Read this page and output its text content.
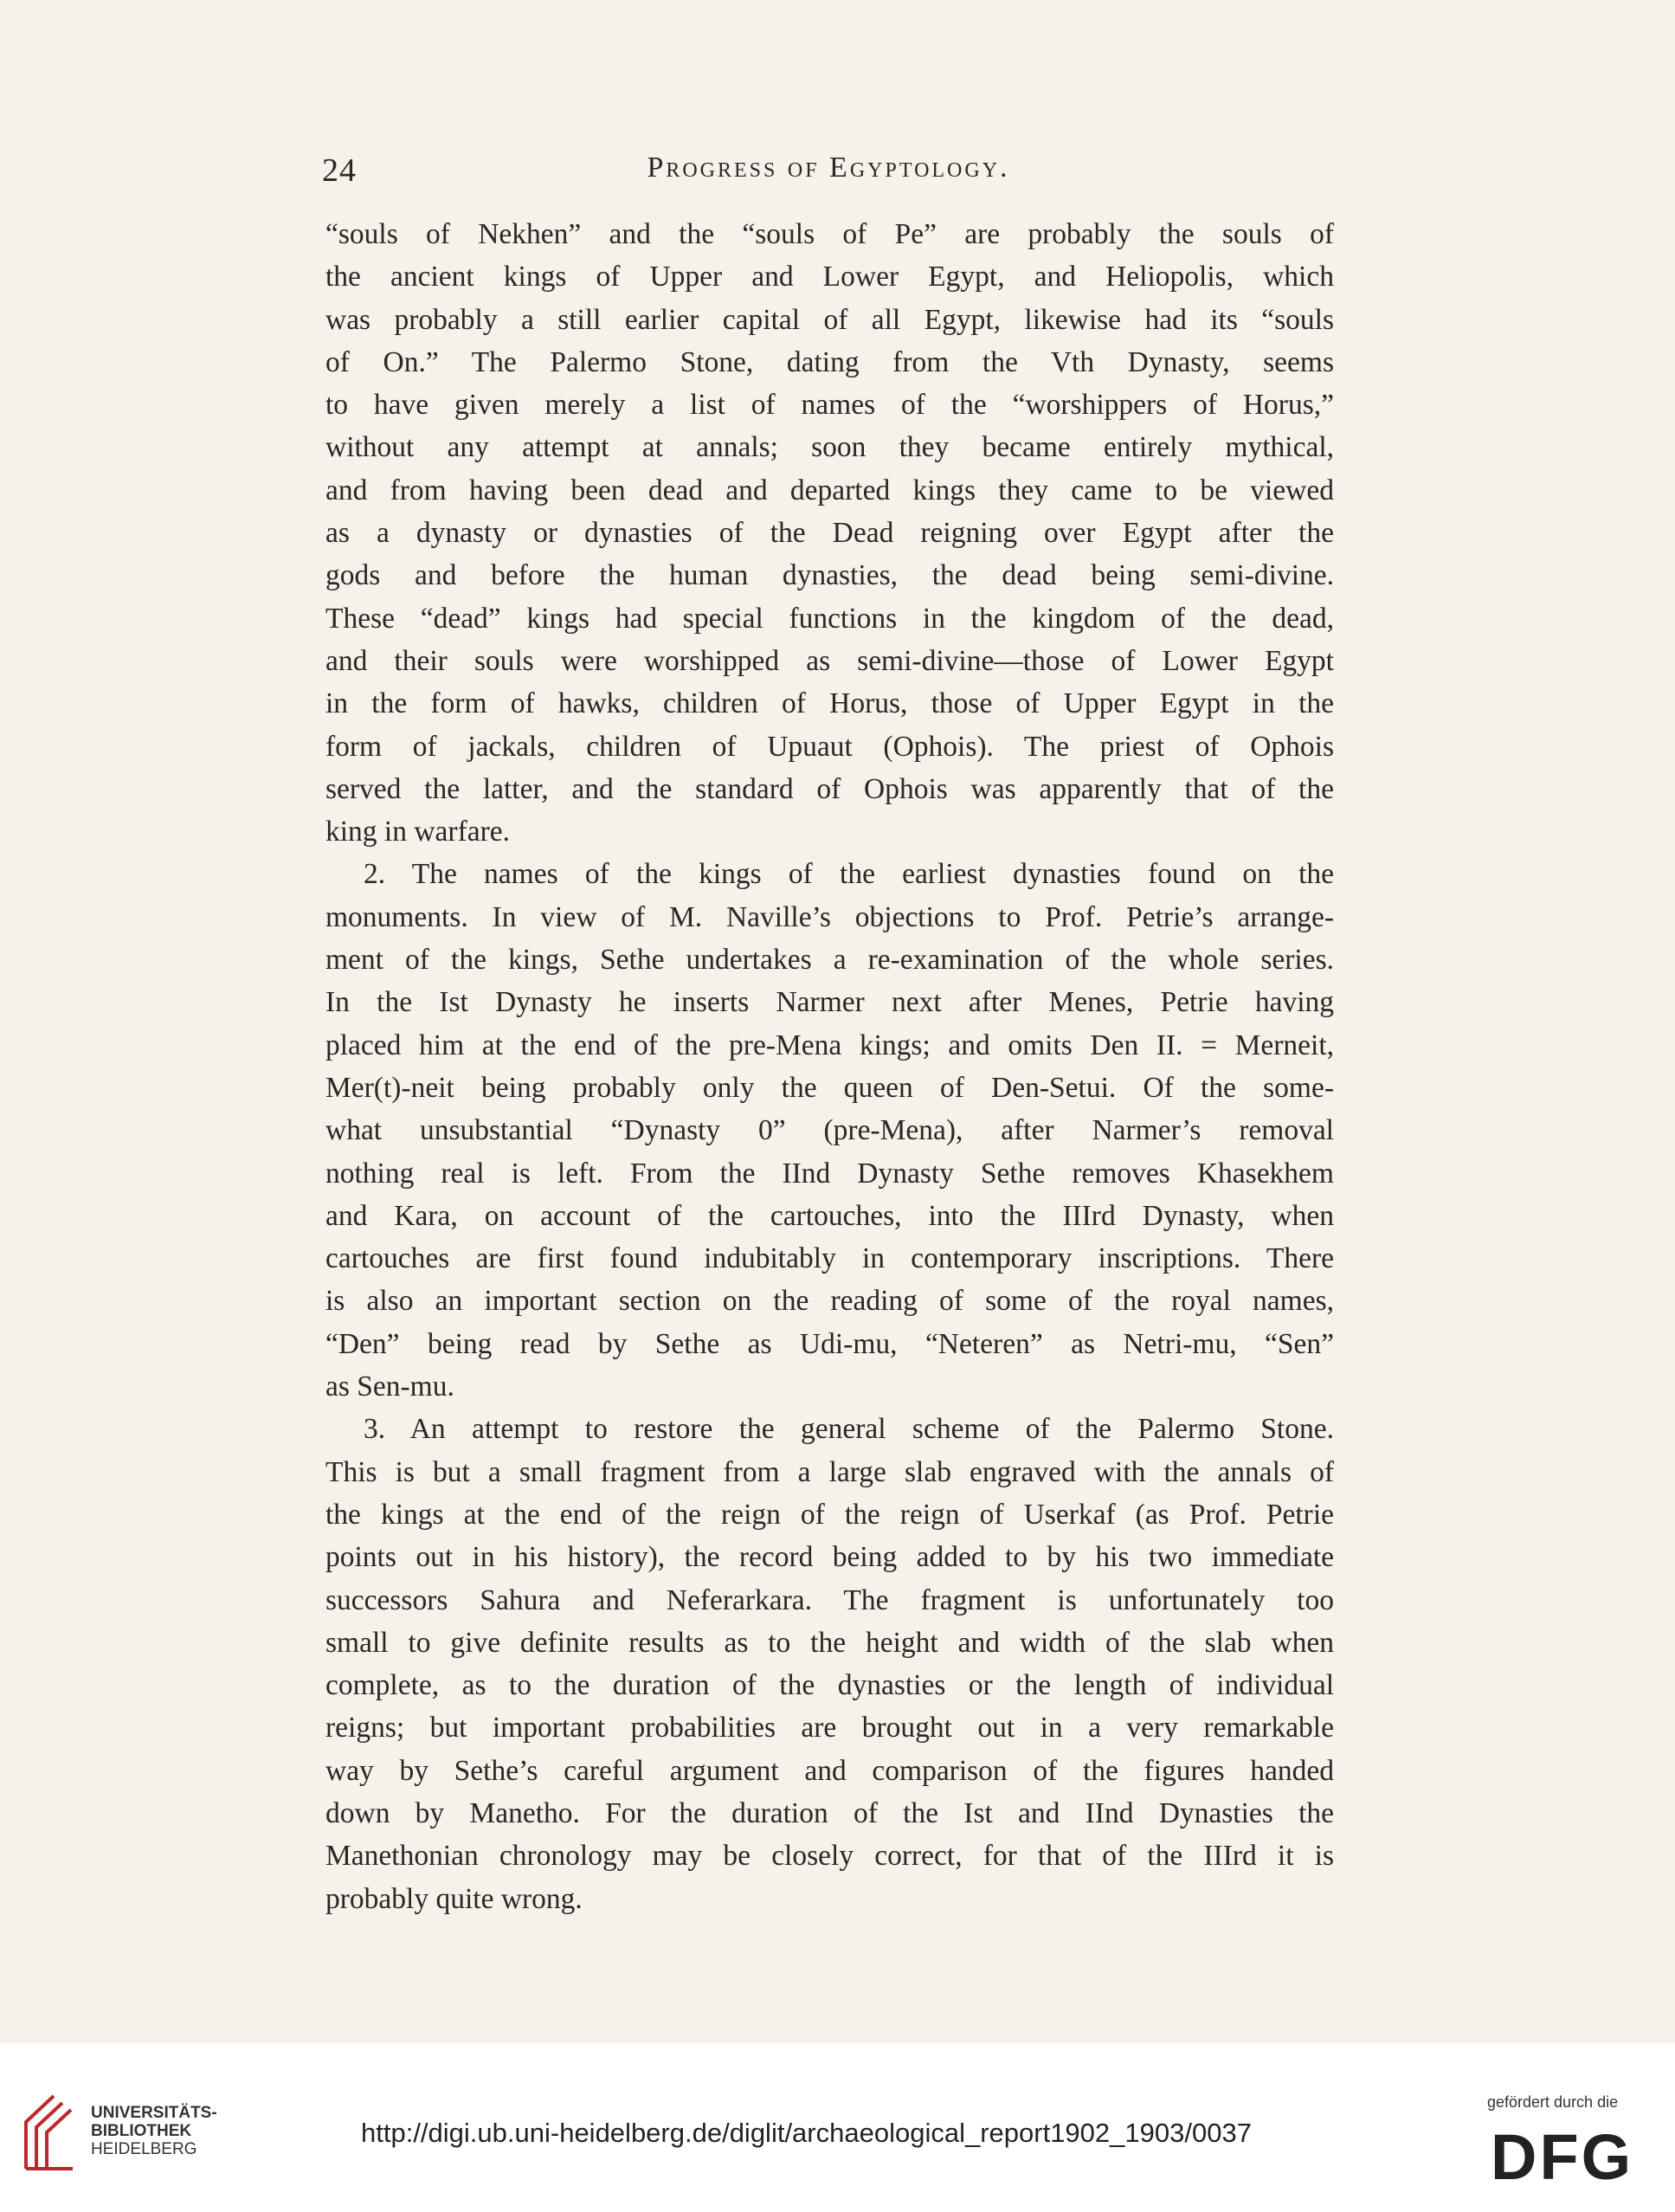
24	Progress of Egyptology.
“souls of Nekhen” and the “souls of Pe” are probably the souls of
the ancient kings of Upper and Lower Egypt, and Heliopolis, which
was probably a still earlier capital of all Egypt, likewise had its “souls
of On.” The Palermo Stone, dating from the Vth Dynasty, seems
to have given merely a list of names of the “worshippers of Horus,”
without any attempt at annals; soon they became entirely mythical,
and from having been dead and departed kings they came to be viewed
as a dynasty or dynasties of the Dead reigning over Egypt after the
gods and before the human dynasties, the dead being semi-divine.
These “dead” kings had special functions in the kingdom of the dead,
and their souls were worshipped as semi-divine—those of Lower Egypt
in the form of hawks, children of Horus, those of Upper Egypt in the
form of jackals, children of Upuaut (Ophois). The priest of Ophois
served the latter, and the standard of Ophois was apparently that of the
king in warfare.
2. The names of the kings of the earliest dynasties found on the
monuments. In view of M. Naville’s objections to Prof. Petrie’s arrange-
ment of the kings, Sethe undertakes a re-examination of the whole series.
In the Ist Dynasty he inserts Narmer next after Menes, Petrie having
placed him at the end of the pre-Mena kings; and omits Den II. = Merneit,
Mer(t)-neit being probably only the queen of Den-Setui. Of the some-
what unsubstantial “Dynasty 0” (pre-Mena), after Narmer’s removal
nothing real is left. From the IInd Dynasty Sethe removes Khasekhem
and Kara, on account of the cartouches, into the IIIrd Dynasty, when
cartouches are first found indubitably in contemporary inscriptions. There
is also an important section on the reading of some of the royal names,
“Den” being read by Sethe as Udi-mu, “Neteren” as Netri-mu, “Sen”
as Sen-mu.
3. An attempt to restore the general scheme of the Palermo Stone.
This is but a small fragment from a large slab engraved with the annals of
the kings at the end of the reign of the reign of Userkaf (as Prof. Petrie
points out in his history), the record being added to by his two immediate
successors Sahura and Neferarkara. The fragment is unfortunately too
small to give definite results as to the height and width of the slab when
complete, as to the duration of the dynasties or the length of individual
reigns; but important probabilities are brought out in a very remarkable
way by Sethe’s careful argument and comparison of the figures handed
down by Manetho. For the duration of the Ist and IInd Dynasties the
Manethonian chronology may be closely correct, for that of the IIIrd it is
probably quite wrong.
UNIVERSITÄTS-
BIBLIOTHEK
HEIDELBERG
http://digi.ub.uni-heidelberg.de/diglit/archaeological_report1902_1903/0037
gefördert durch die
DFG
